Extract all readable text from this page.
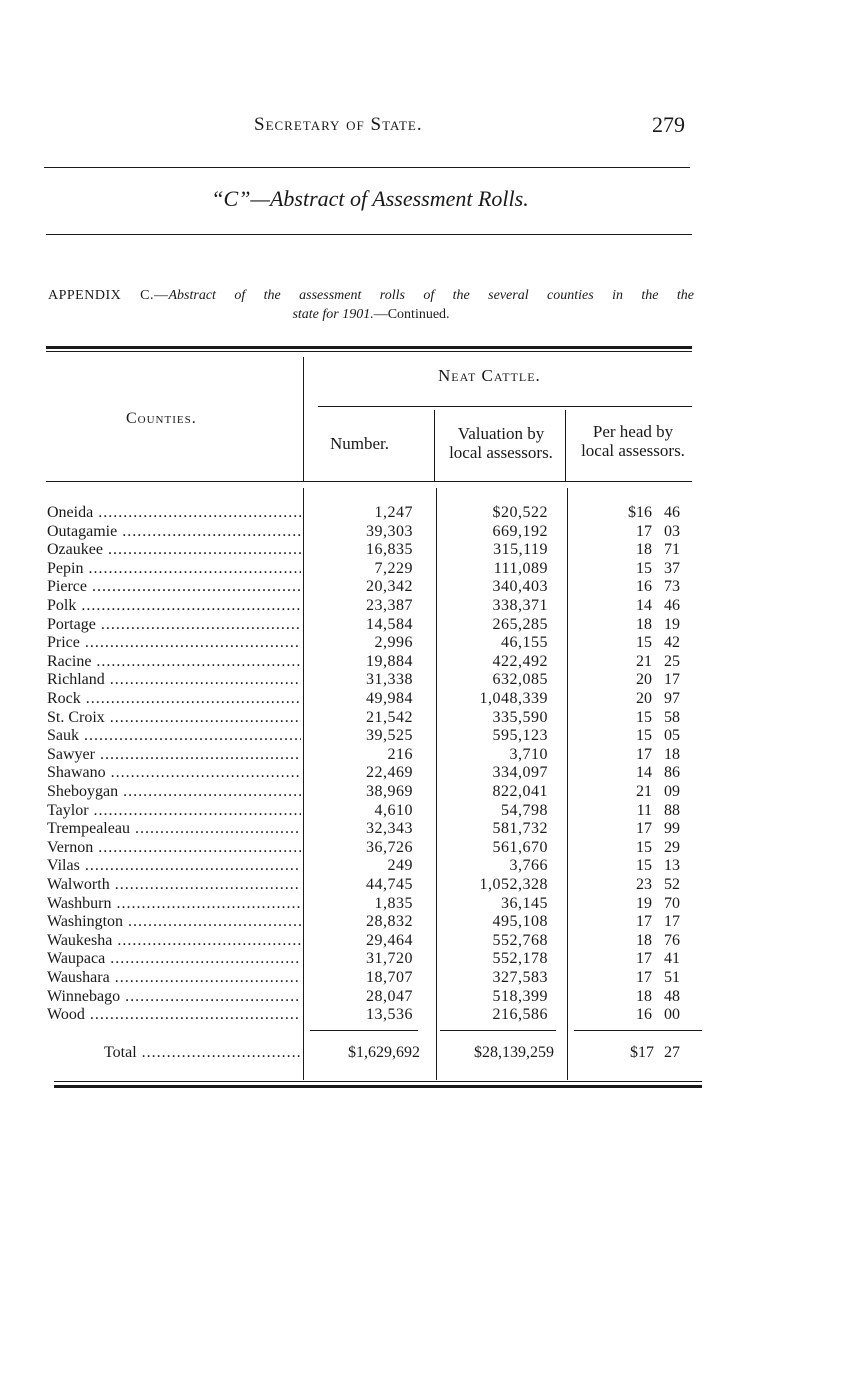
Secretary of State.	279
“C”—Abstract of Assessment Rolls.
APPENDIX C.—Abstract of the assessment rolls of the several counties in the the
state for 1901.—Continued.
Counties.
Neat Cattle.
Number.
Valuation by
local assessors.
Per head by
local assessors.
Oneida .....	1,247	$20,522	$16 46
Outagamie .....	39,303	669,192	17 03
Ozaukee .....	16,835	315,119	18 71
Pepin .....	7,229	111,089	15 37
Pierce .....	20,342	340,403	16 73
Polk .....	23,387	338,371	14 46
Portage .....	14,584	265,285	18 19
Price .....	2,996	46,155	15 42
Racine .....	19,884	422,492	21 25
Richland .....	31,338	632,085	20 17
Rock .....	49,984	1,048,339	20 97
St. Croix .....	21,542	335,590	15 58
Sauk .....	39,525	595,123	15 05
Sawyer .....	216	3,710	17 18
Shawano .....	22,469	334,097	14 86
Sheboygan .....	38,969	822,041	21 09
Taylor .....	4,610	54,798	11 88
Trempealeau .....	32,343	581,732	17 99
Vernon .....	36,726	561,670	15 29
Vilas .....	249	3,766	15 13
Walworth .....	44,745	1,052,328	23 52
Washburn .....	1,835	36,145	19 70
Washington .....	28,832	495,108	17 17
Waukesha .....	29,464	552,768	18 76
Waupaca .....	31,720	552,178	17 41
Waushara .....	18,707	327,583	17 51
Winnebago .....	28,047	518,399	18 48
Wood .....	13,536	216,586	16 00
Total .....	$1,629,692	$28,139,259	$17 27
